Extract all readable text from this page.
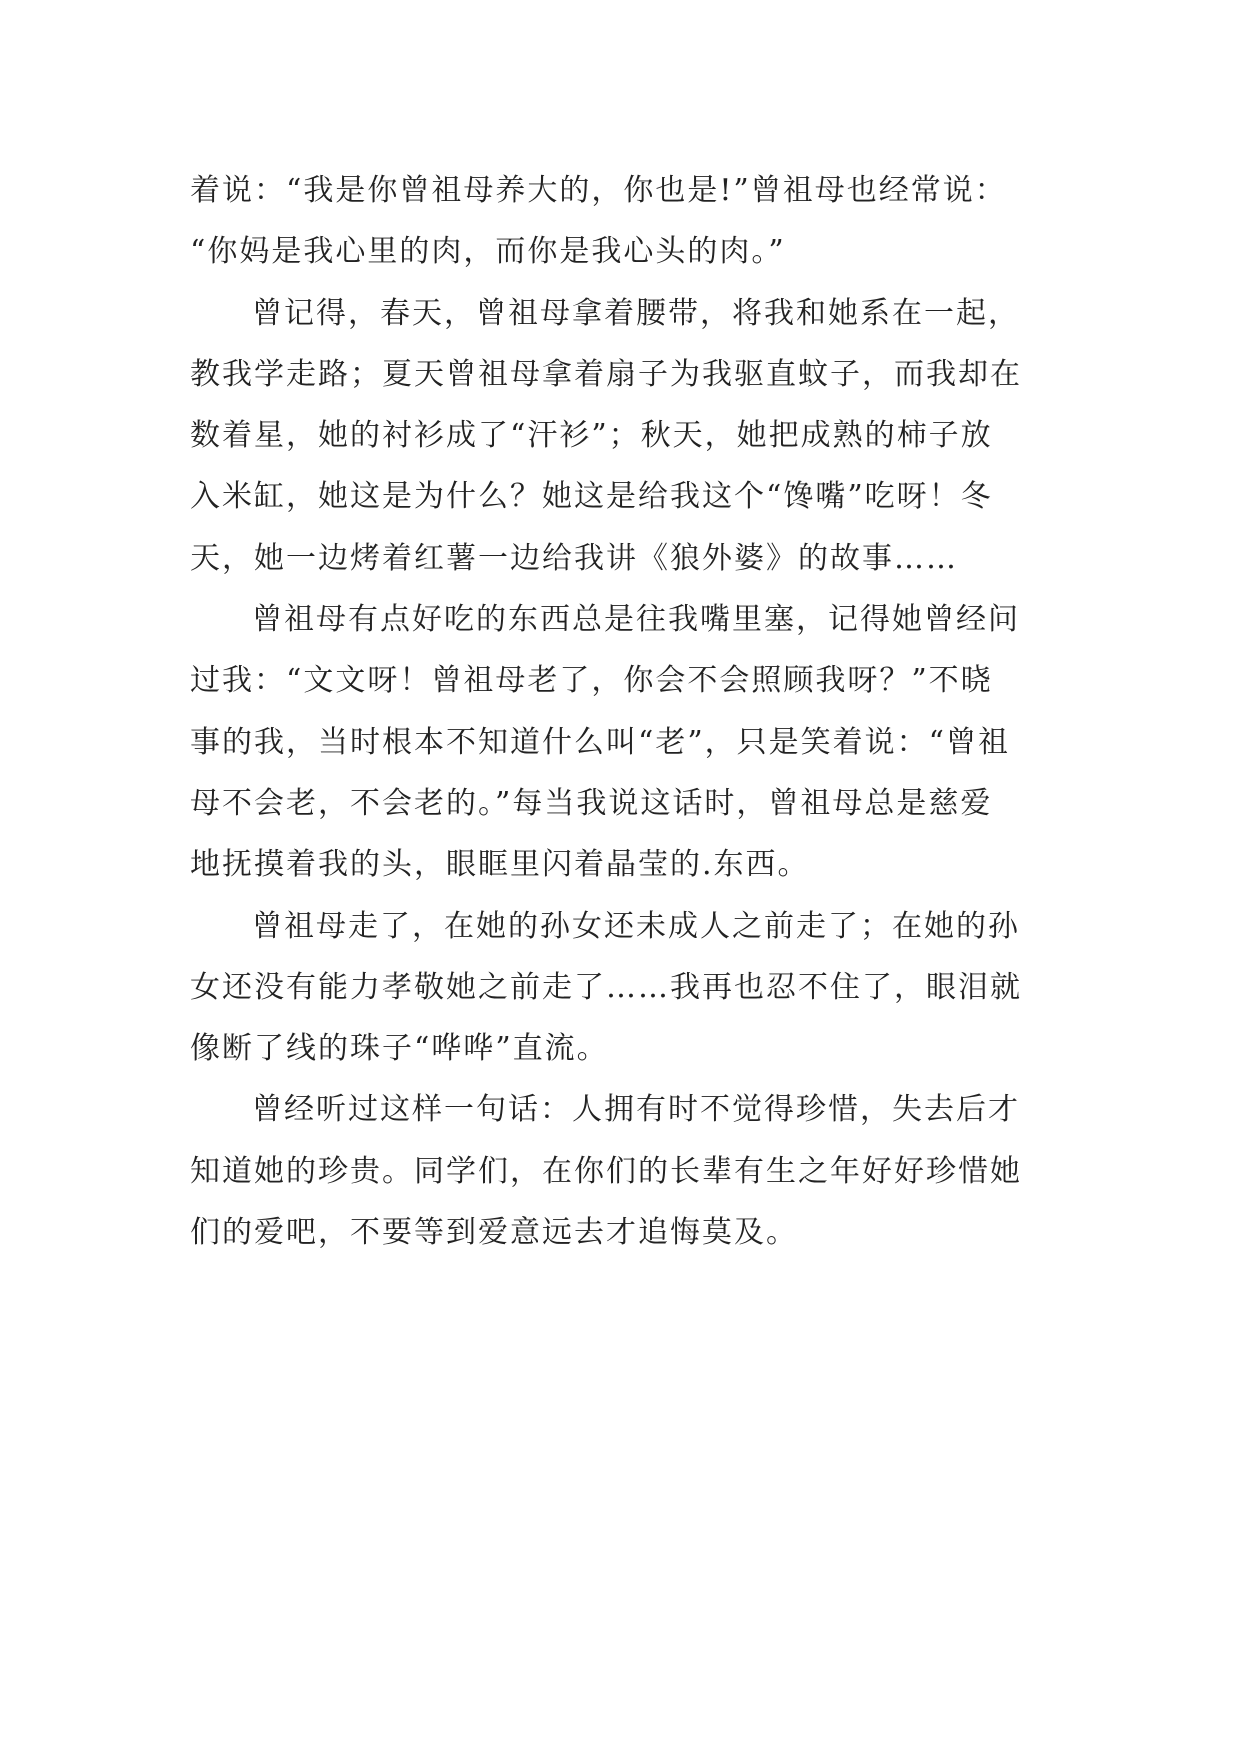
着说：“我是你曾祖母养大的，你也是!”曾祖母也经常说：
“你妈是我心里的肉，而你是我心头的肉。”
曾记得，春天，曾祖母拿着腰带，将我和她系在一起，
教我学走路；夏天曾祖母拿着扇子为我驱直蚊子，而我却在
数着星，她的衬衫成了“汗衫”；秋天，她把成熟的柿子放
入米缸，她这是为什么？她这是给我这个“馋嘴”吃呀！冬
天，她一边烤着红薯一边给我讲《狼外婆》的故事……
曾祖母有点好吃的东西总是往我嘴里塞，记得她曾经问
过我：“文文呀！曾祖母老了，你会不会照顾我呀？”不晓
事的我，当时根本不知道什么叫“老”，只是笑着说：“曾祖
母不会老，不会老的。”每当我说这话时，曾祖母总是慈爱
地抚摸着我的头，眼眶里闪着晶莹的.东西。
曾祖母走了，在她的孙女还未成人之前走了；在她的孙
女还没有能力孝敬她之前走了……我再也忍不住了，眼泪就
像断了线的珠子“哗哗”直流。
曾经听过这样一句话：人拥有时不觉得珍惜，失去后才
知道她的珍贵。同学们，在你们的长辈有生之年好好珍惜她
们的爱吧，不要等到爱意远去才追悔莫及。
